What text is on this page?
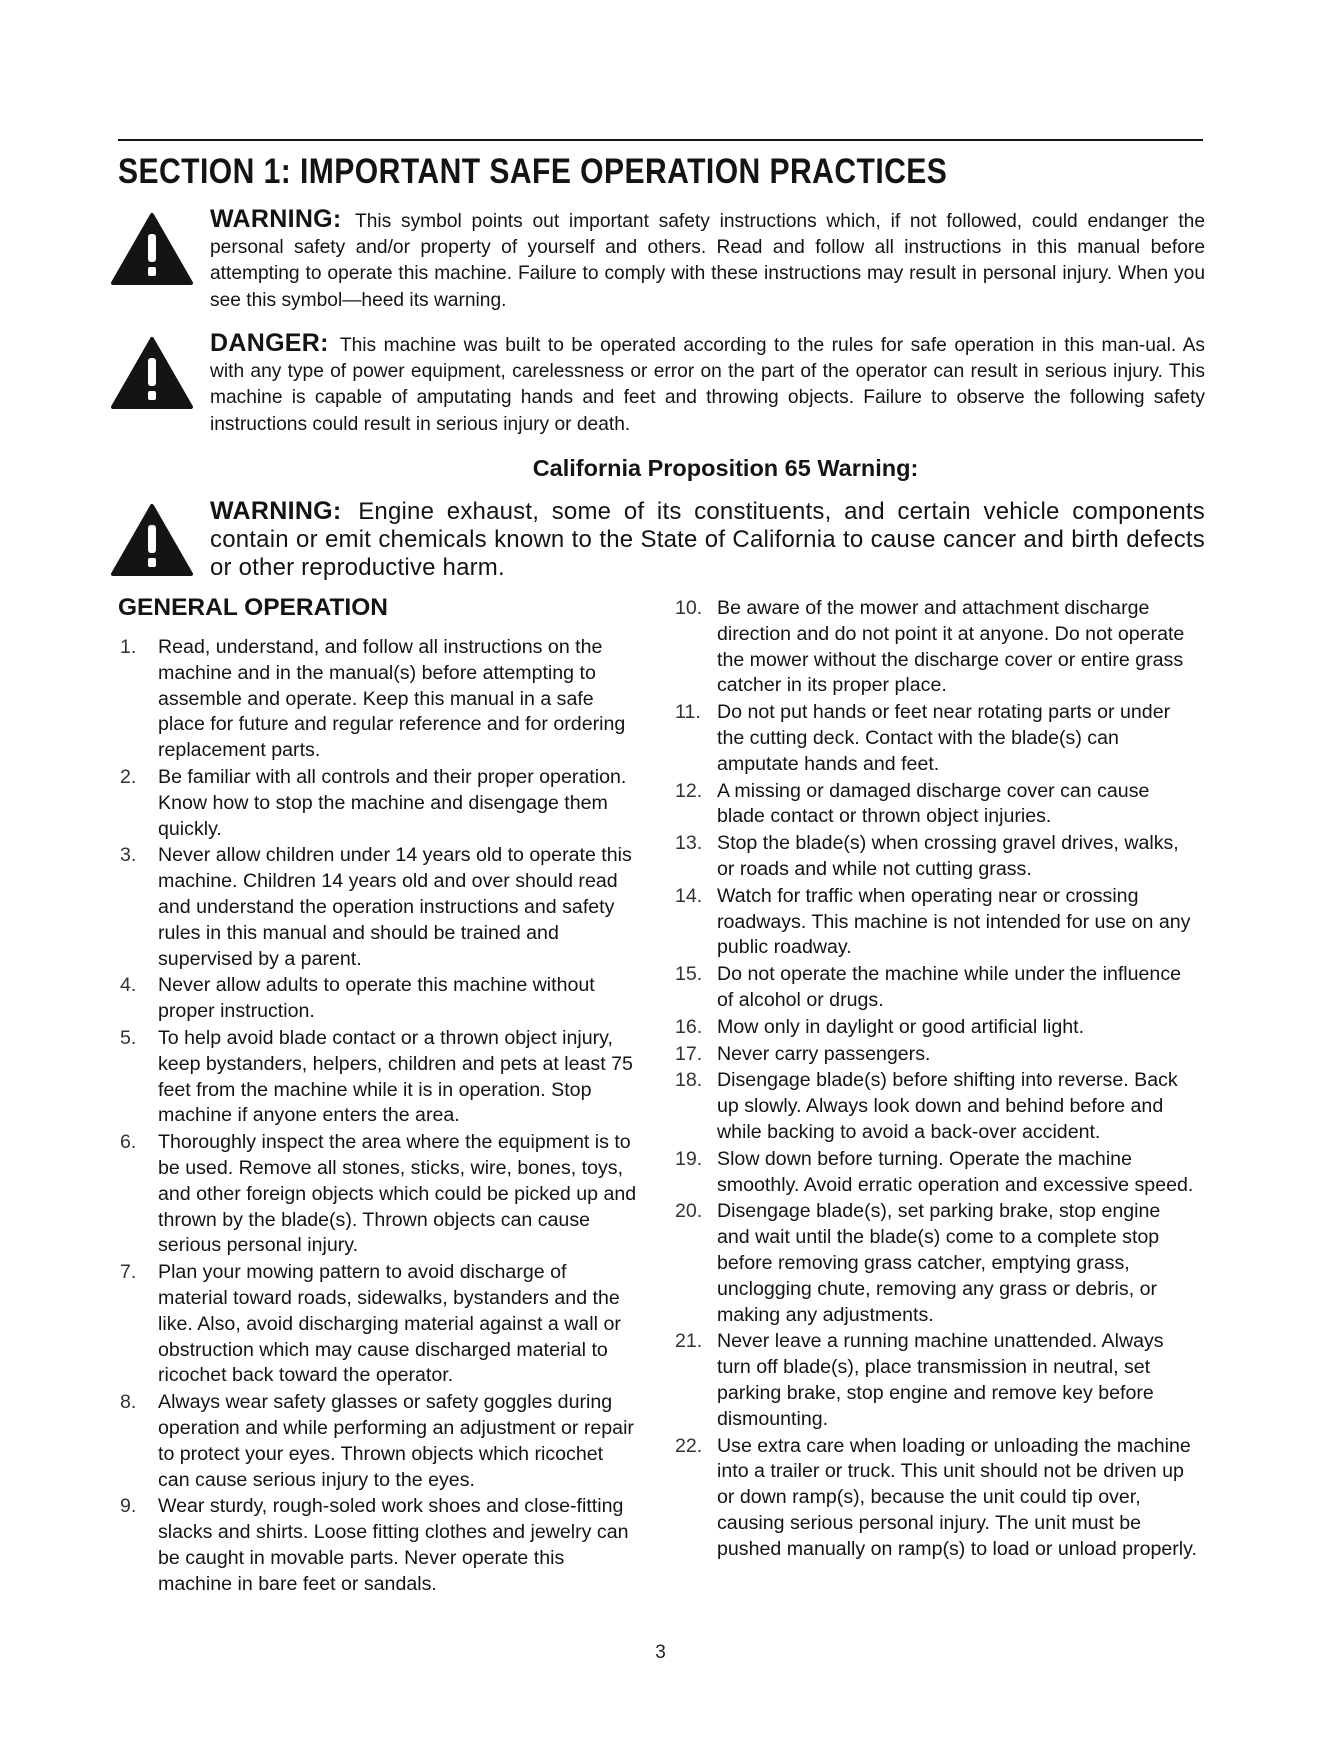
SECTION 1: IMPORTANT SAFE OPERATION PRACTICES
WARNING: This symbol points out important safety instructions which, if not followed, could endanger the personal safety and/or property of yourself and others. Read and follow all instructions in this manual before attempting to operate this machine. Failure to comply with these instructions may result in personal injury. When you see this symbol—heed its warning.
DANGER: This machine was built to be operated according to the rules for safe operation in this man-ual. As with any type of power equipment, carelessness or error on the part of the operator can result in serious injury. This machine is capable of amputating hands and feet and throwing objects. Failure to observe the following safety instructions could result in serious injury or death.
California Proposition 65 Warning:
WARNING: Engine exhaust, some of its constituents, and certain vehicle components contain or emit chemicals known to the State of California to cause cancer and birth defects or other reproductive harm.
GENERAL OPERATION
1. Read, understand, and follow all instructions on the machine and in the manual(s) before attempting to assemble and operate. Keep this manual in a safe place for future and regular reference and for ordering replacement parts.
2. Be familiar with all controls and their proper operation. Know how to stop the machine and disengage them quickly.
3. Never allow children under 14 years old to operate this machine. Children 14 years old and over should read and understand the operation instructions and safety rules in this manual and should be trained and supervised by a parent.
4. Never allow adults to operate this machine without proper instruction.
5. To help avoid blade contact or a thrown object injury, keep bystanders, helpers, children and pets at least 75 feet from the machine while it is in operation. Stop machine if anyone enters the area.
6. Thoroughly inspect the area where the equipment is to be used. Remove all stones, sticks, wire, bones, toys, and other foreign objects which could be picked up and thrown by the blade(s). Thrown objects can cause serious personal injury.
7. Plan your mowing pattern to avoid discharge of material toward roads, sidewalks, bystanders and the like. Also, avoid discharging material against a wall or obstruction which may cause discharged material to ricochet back toward the operator.
8. Always wear safety glasses or safety goggles during operation and while performing an adjustment or repair to protect your eyes. Thrown objects which ricochet can cause serious injury to the eyes.
9. Wear sturdy, rough-soled work shoes and close-fitting slacks and shirts. Loose fitting clothes and jewelry can be caught in movable parts. Never operate this machine in bare feet or sandals.
10. Be aware of the mower and attachment discharge direction and do not point it at anyone. Do not operate the mower without the discharge cover or entire grass catcher in its proper place.
11. Do not put hands or feet near rotating parts or under the cutting deck. Contact with the blade(s) can amputate hands and feet.
12. A missing or damaged discharge cover can cause blade contact or thrown object injuries.
13. Stop the blade(s) when crossing gravel drives, walks, or roads and while not cutting grass.
14. Watch for traffic when operating near or crossing roadways. This machine is not intended for use on any public roadway.
15. Do not operate the machine while under the influence of alcohol or drugs.
16. Mow only in daylight or good artificial light.
17. Never carry passengers.
18. Disengage blade(s) before shifting into reverse. Back up slowly. Always look down and behind before and while backing to avoid a back-over accident.
19. Slow down before turning. Operate the machine smoothly. Avoid erratic operation and excessive speed.
20. Disengage blade(s), set parking brake, stop engine and wait until the blade(s) come to a complete stop before removing grass catcher, emptying grass, unclogging chute, removing any grass or debris, or making any adjustments.
21. Never leave a running machine unattended. Always turn off blade(s), place transmission in neutral, set parking brake, stop engine and remove key before dismounting.
22. Use extra care when loading or unloading the machine into a trailer or truck. This unit should not be driven up or down ramp(s), because the unit could tip over, causing serious personal injury. The unit must be pushed manually on ramp(s) to load or unload properly.
3
